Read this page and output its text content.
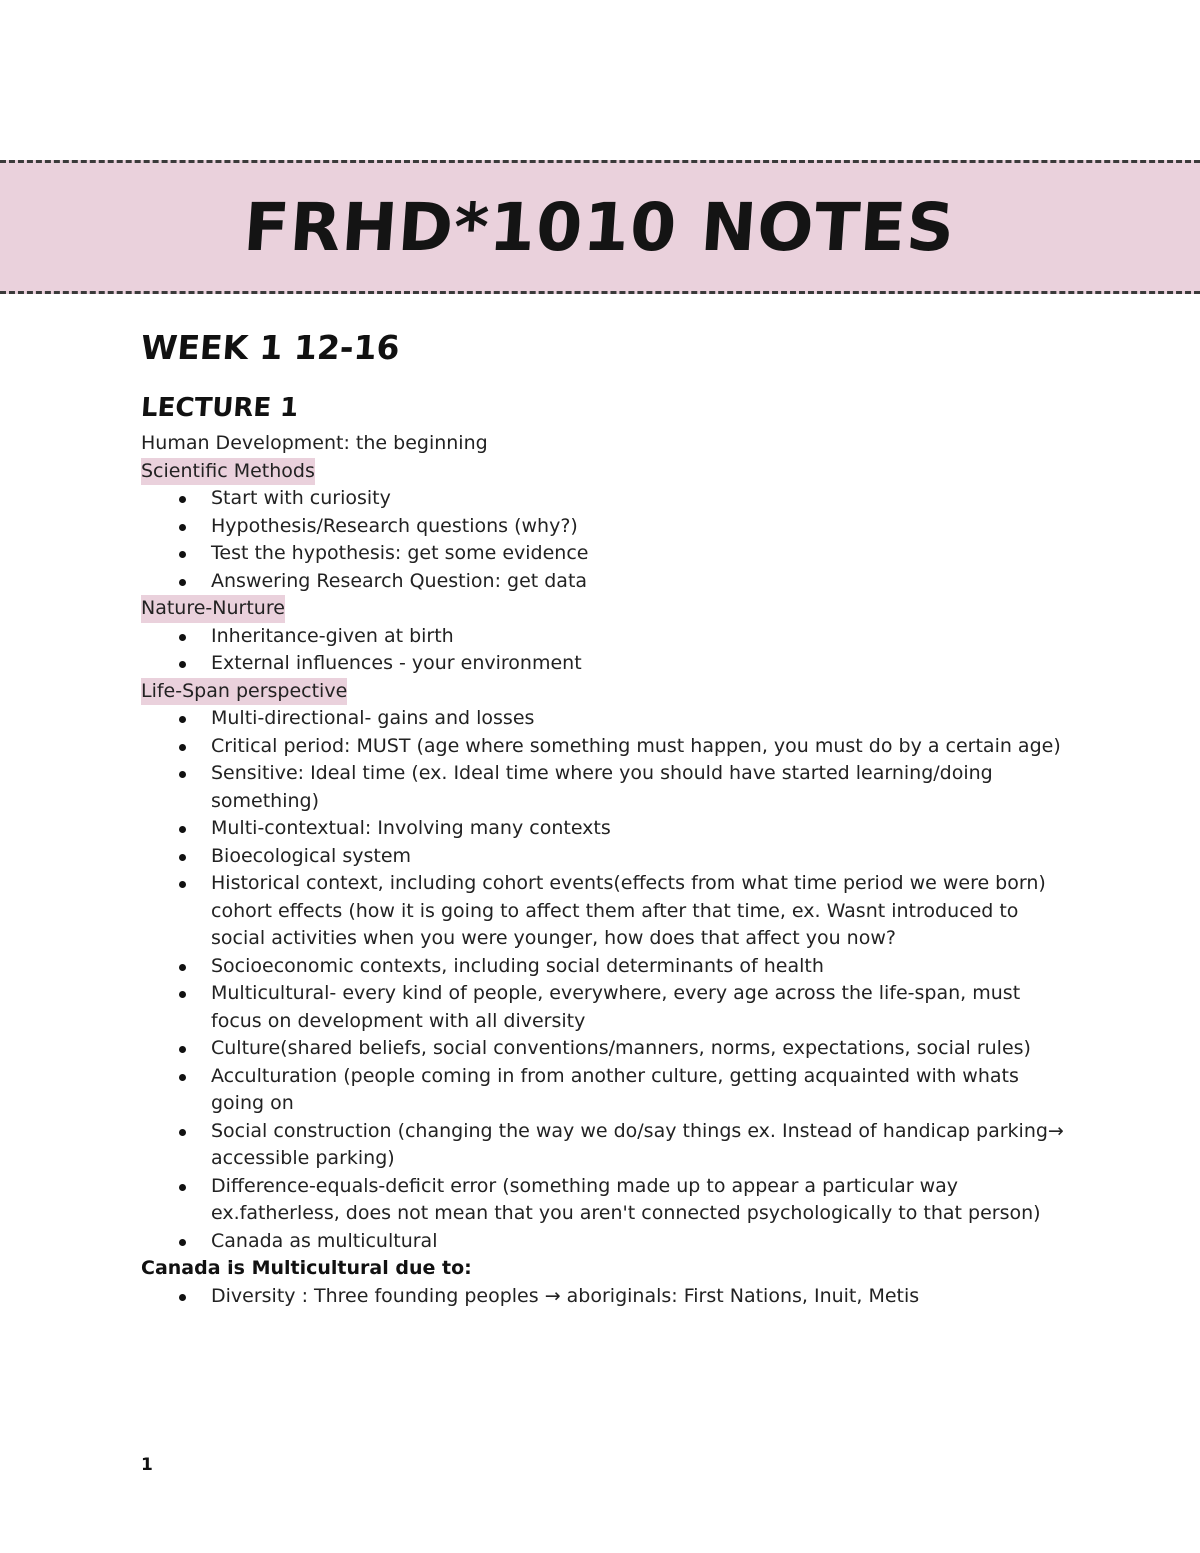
FRHD*1010 NOTES
WEEK 1 12-16
LECTURE 1
Human Development: the beginning
Scientific Methods
Start with curiosity
Hypothesis/Research questions (why?)
Test the hypothesis: get some evidence
Answering Research Question: get data
Nature-Nurture
Inheritance-given at birth
External influences - your environment
Life-Span perspective
Multi-directional- gains and losses
Critical period: MUST (age where something must happen, you must do by a certain age)
Sensitive: Ideal time (ex. Ideal time where you should have started learning/doing something)
Multi-contextual: Involving many contexts
Bioecological system
Historical context, including cohort events(effects from what time period we were born) cohort effects (how it is going to affect them after that time, ex. Wasnt introduced to social activities when you were younger, how does that affect you now?
Socioeconomic contexts, including social determinants of health
Multicultural- every kind of people, everywhere, every age across the life-span, must focus on development with all diversity
Culture(shared beliefs, social conventions/manners, norms, expectations, social rules)
Acculturation (people coming in from another culture, getting acquainted with whats going on
Social construction (changing the way we do/say things ex. Instead of handicap parking→ accessible parking)
Difference-equals-deficit error (something made up to appear a particular way ex.fatherless, does not mean that you aren't connected psychologically to that person)
Canada as multicultural
Canada is Multicultural due to:
Diversity : Three founding peoples → aboriginals: First Nations, Inuit, Metis
1
